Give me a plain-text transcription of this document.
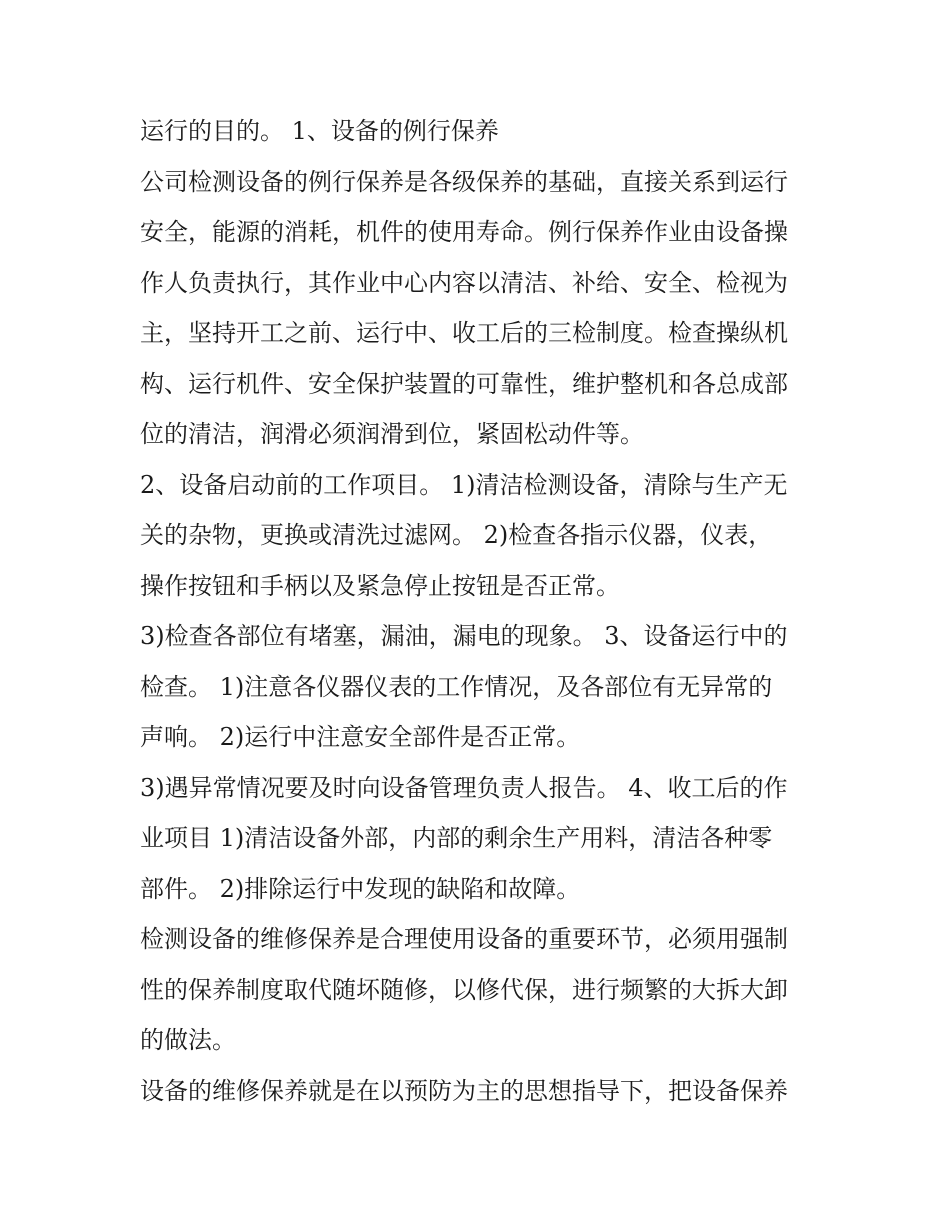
运行的目的。 1、设备的例行保养
公司检测设备的例行保养是各级保养的基础，直接关系到运行
安全，能源的消耗，机件的使用寿命。例行保养作业由设备操
作人负责执行，其作业中心内容以清洁、补给、安全、检视为
主，坚持开工之前、运行中、收工后的三检制度。检查操纵机
构、运行机件、安全保护装置的可靠性，维护整机和各总成部
位的清洁，润滑必须润滑到位，紧固松动件等。
2、设备启动前的工作项目。 1)清洁检测设备，清除与生产无
关的杂物，更换或清洗过滤网。 2)检查各指示仪器，仪表，
操作按钮和手柄以及紧急停止按钮是否正常。
3)检查各部位有堵塞，漏油，漏电的现象。 3、设备运行中的
检查。 1)注意各仪器仪表的工作情况，及各部位有无异常的
声响。 2)运行中注意安全部件是否正常。
3)遇异常情况要及时向设备管理负责人报告。 4、收工后的作
业项目 1)清洁设备外部，内部的剩余生产用料，清洁各种零
部件。 2)排除运行中发现的缺陷和故障。
检测设备的维修保养是合理使用设备的重要环节，必须用强制
性的保养制度取代随坏随修，以修代保，进行频繁的大拆大卸
的做法。
设备的维修保养就是在以预防为主的思想指导下，把设备保养
